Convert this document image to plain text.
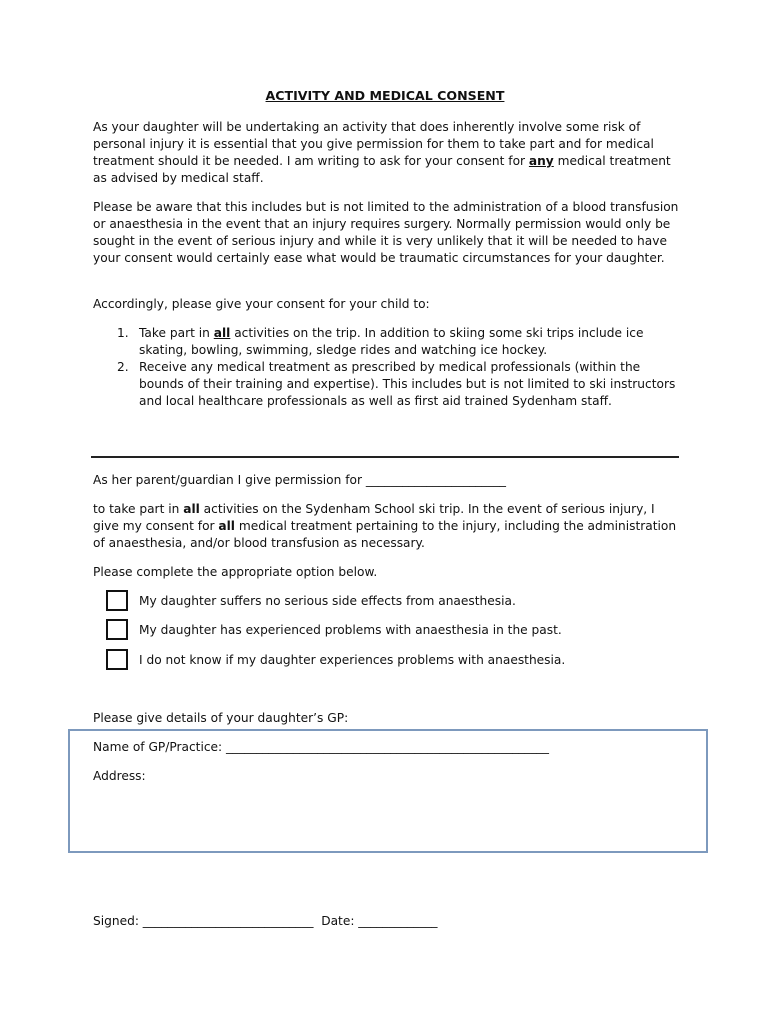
ACTIVITY AND MEDICAL CONSENT

As your daughter will be undertaking an activity that does inherently involve some risk of personal injury it is essential that you give permission for them to take part and for medical treatment should it be needed. I am writing to ask for your consent for any medical treatment as advised by medical staff.

Please be aware that this includes but is not limited to the administration of a blood transfusion or anaesthesia in the event that an injury requires surgery. Normally permission would only be sought in the event of serious injury and while it is very unlikely that it will be needed to have your consent would certainly ease what would be traumatic circumstances for your daughter.

Accordingly, please give your consent for your child to:

1. Take part in all activities on the trip. In addition to skiing some ski trips include ice skating, bowling, swimming, sledge rides and watching ice hockey.
2. Receive any medical treatment as prescribed by medical professionals (within the bounds of their training and expertise). This includes but is not limited to ski instructors and local healthcare professionals as well as first aid trained Sydenham staff.
As her parent/guardian I give permission for _______________________

to take part in all activities on the Sydenham School ski trip. In the event of serious injury, I give my consent for all medical treatment pertaining to the injury, including the administration of anaesthesia, and/or blood transfusion as necessary.

Please complete the appropriate option below.
My daughter suffers no serious side effects from anaesthesia.
My daughter has experienced problems with anaesthesia in the past.
I do not know if my daughter experiences problems with anaesthesia.
Please give details of your daughter’s GP:
Name of GP/Practice: _____________________________________________________
Address:
Signed: ____________________________ Date: _____________
